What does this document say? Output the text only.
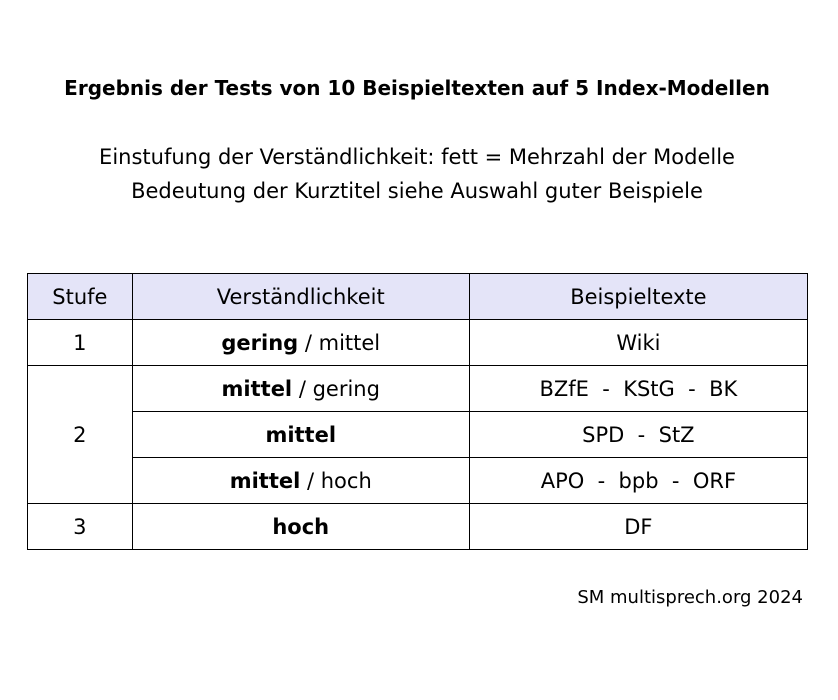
Ergebnis der Tests von 10 Beispieltexten auf 5 Index-Modellen
Einstufung der Verständlichkeit: fett = Mehrzahl der Modelle
Bedeutung der Kurztitel siehe Auswahl guter Beispiele
Stufe	Verständlichkeit	Beispieltexte
1	gering / mittel	Wiki
2	mittel / gering	BZfE  -  KStG  -  BK
	mittel	SPD  -  StZ
	mittel / hoch	APO  -  bpb  -  ORF
3	hoch	DF
SM multisprech.org 2024
